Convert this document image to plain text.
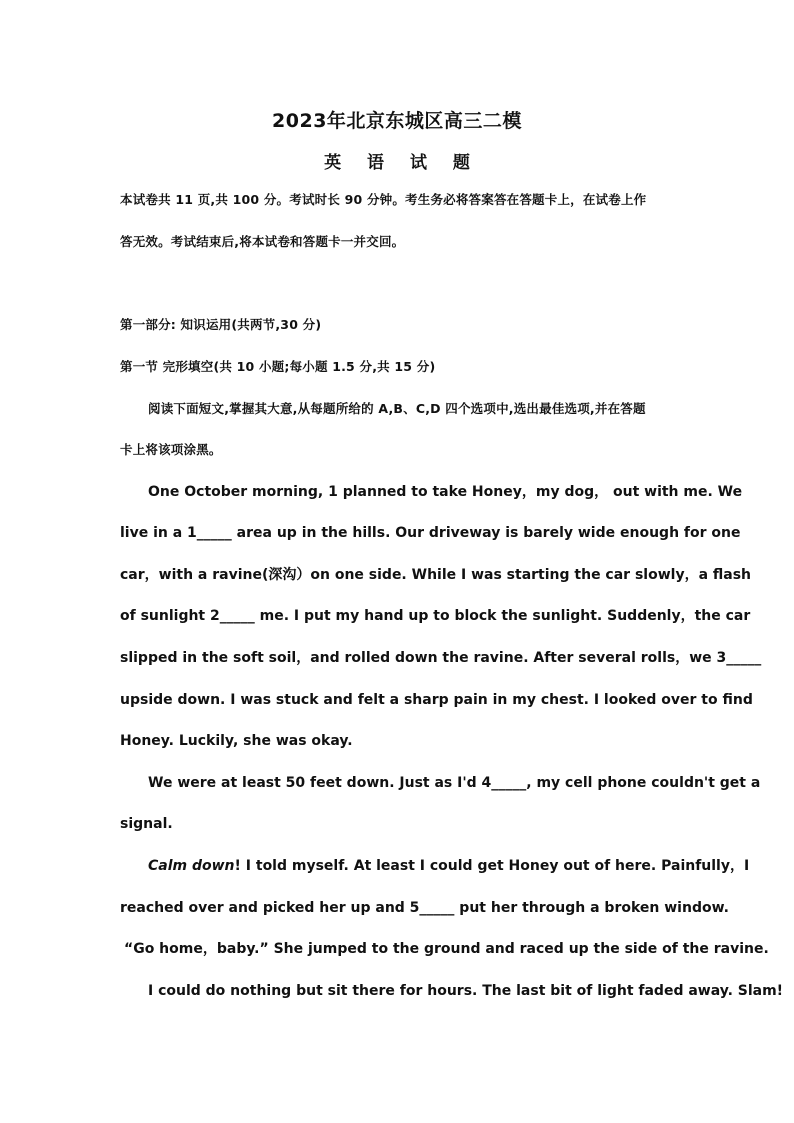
2023年北京东城区高三二模
英 语 试 题
本试卷共 11 页,共 100 分。考试时长 90 分钟。考生务必将答案答在答题卡上，在试卷上作
答无效。考试结束后,将本试卷和答题卡一并交回。
第一部分: 知识运用(共两节,30 分)
第一节 完形填空(共 10 小题;每小题 1.5 分,共 15 分)
阅读下面短文,掌握其大意,从每题所给的 A,B、C,D 四个选项中,选出最佳选项,并在答题
卡上将该项涂黑。
One October morning, 1 planned to take Honey，my dog， out with me. We
live in a 1_____ area up in the hills. Our driveway is barely wide enough for one
car，with a ravine(深沟）on one side. While I was starting the car slowly，a flash
of sunlight 2_____ me. I put my hand up to block the sunlight. Suddenly，the car
slipped in the soft soil，and rolled down the ravine. After several rolls，we 3_____
upside down. I was stuck and felt a sharp pain in my chest. I looked over to find
Honey. Luckily, she was okay.
We were at least 50 feet down. Just as I'd 4_____, my cell phone couldn't get a
signal.
Calm down ! I told myself. At least I could get Honey out of here. Painfully，I
reached over and picked her up and 5_____ put her through a broken window.
“Go home，baby.” She jumped to the ground and raced up the side of the ravine.
I could do nothing but sit there for hours. The last bit of light faded away. Slam!
